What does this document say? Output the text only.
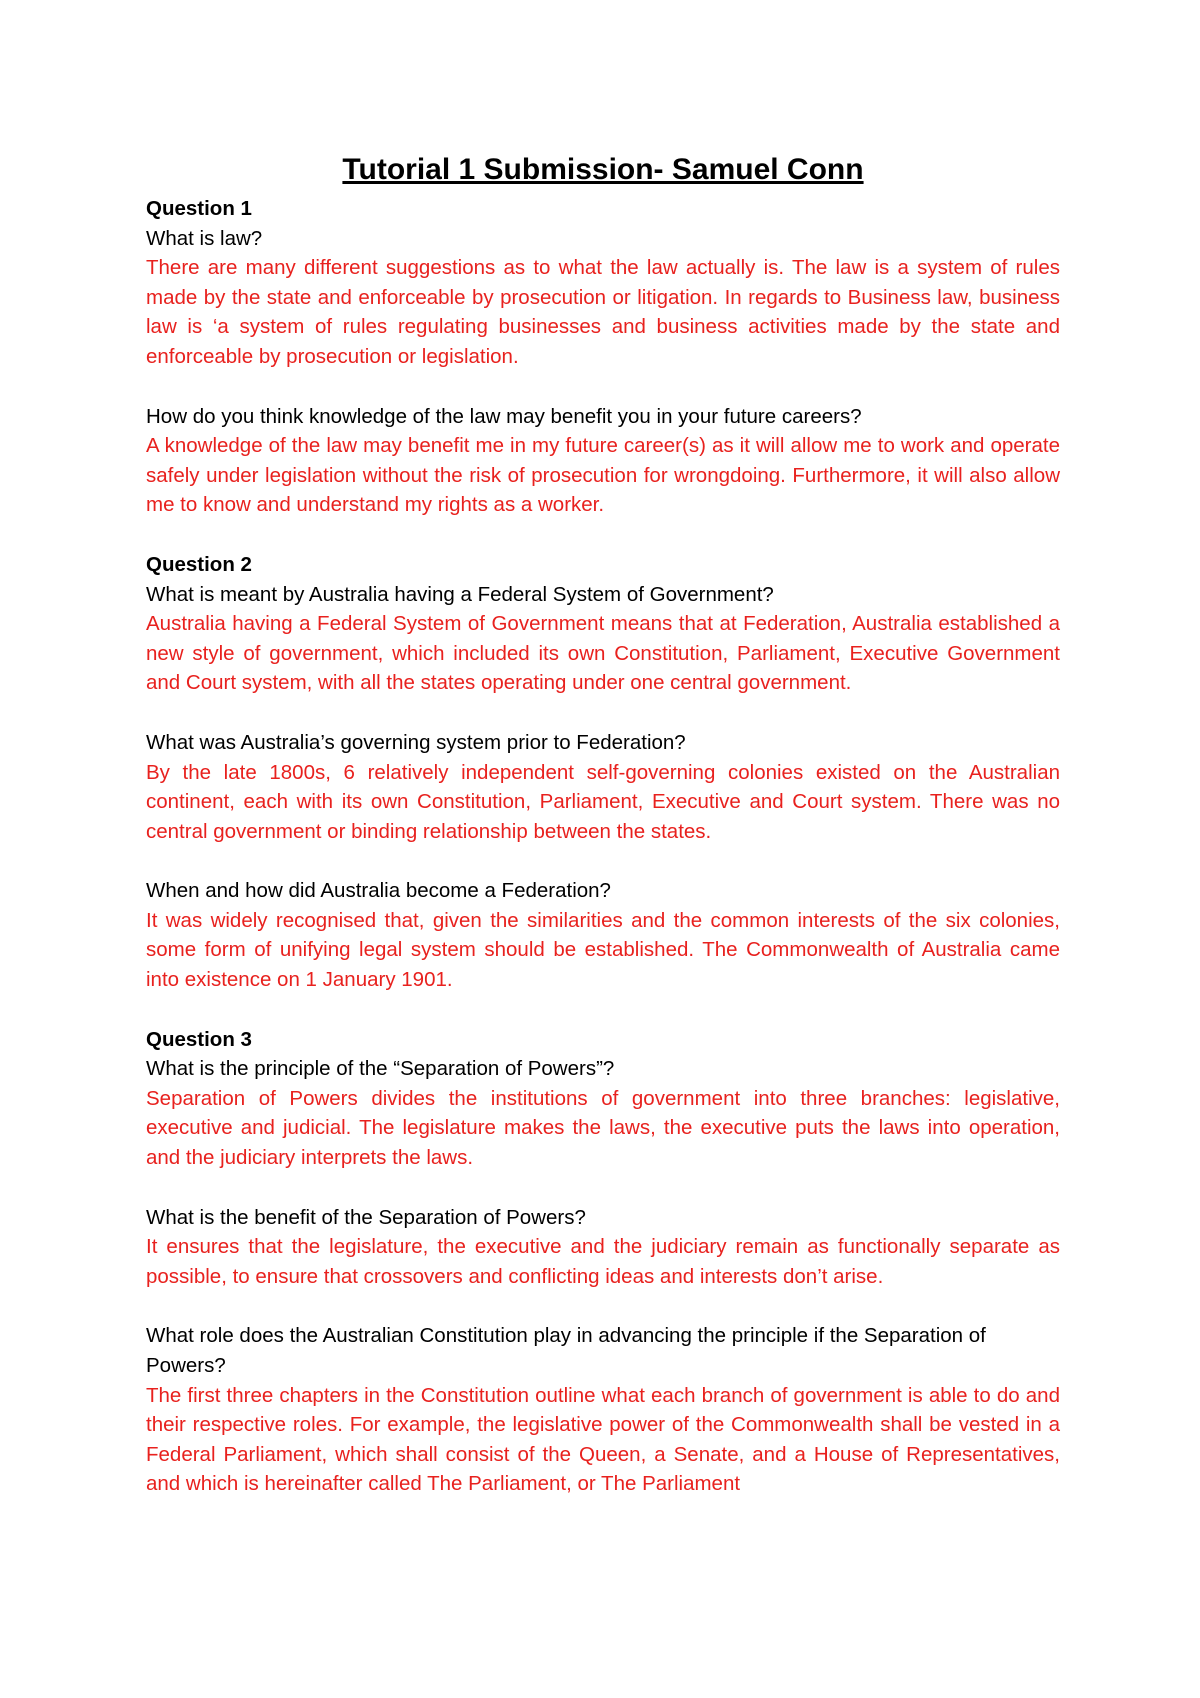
Tutorial 1 Submission- Samuel Conn
Question 1
What is law?
There are many different suggestions as to what the law actually is. The law is a system of rules made by the state and enforceable by prosecution or litigation. In regards to Business law, business law is ‘a system of rules regulating businesses and business activities made by the state and enforceable by prosecution or legislation.
How do you think knowledge of the law may benefit you in your future careers?
A knowledge of the law may benefit me in my future career(s) as it will allow me to work and operate safely under legislation without the risk of prosecution for wrongdoing. Furthermore, it will also allow me to know and understand my rights as a worker.
Question 2
What is meant by Australia having a Federal System of Government?
Australia having a Federal System of Government means that at Federation, Australia established a new style of government, which included its own Constitution, Parliament, Executive Government and Court system, with all the states operating under one central government.
What was Australia’s governing system prior to Federation?
By the late 1800s, 6 relatively independent self-governing colonies existed on the Australian continent, each with its own Constitution, Parliament, Executive and Court system. There was no central government or binding relationship between the states.
When and how did Australia become a Federation?
It was widely recognised that, given the similarities and the common interests of the six colonies, some form of unifying legal system should be established. The Commonwealth of Australia came into existence on 1 January 1901.
Question 3
What is the principle of the “Separation of Powers”?
Separation of Powers divides the institutions of government into three branches: legislative, executive and judicial. The legislature makes the laws, the executive puts the laws into operation, and the judiciary interprets the laws.
What is the benefit of the Separation of Powers?
It ensures that the legislature, the executive and the judiciary remain as functionally separate as possible, to ensure that crossovers and conflicting ideas and interests don’t arise.
What role does the Australian Constitution play in advancing the principle if the Separation of Powers?
The first three chapters in the Constitution outline what each branch of government is able to do and their respective roles. For example, the legislative power of the Commonwealth shall be vested in a Federal Parliament, which shall consist of the Queen, a Senate, and a House of Representatives, and which is hereinafter called The Parliament, or The Parliament
